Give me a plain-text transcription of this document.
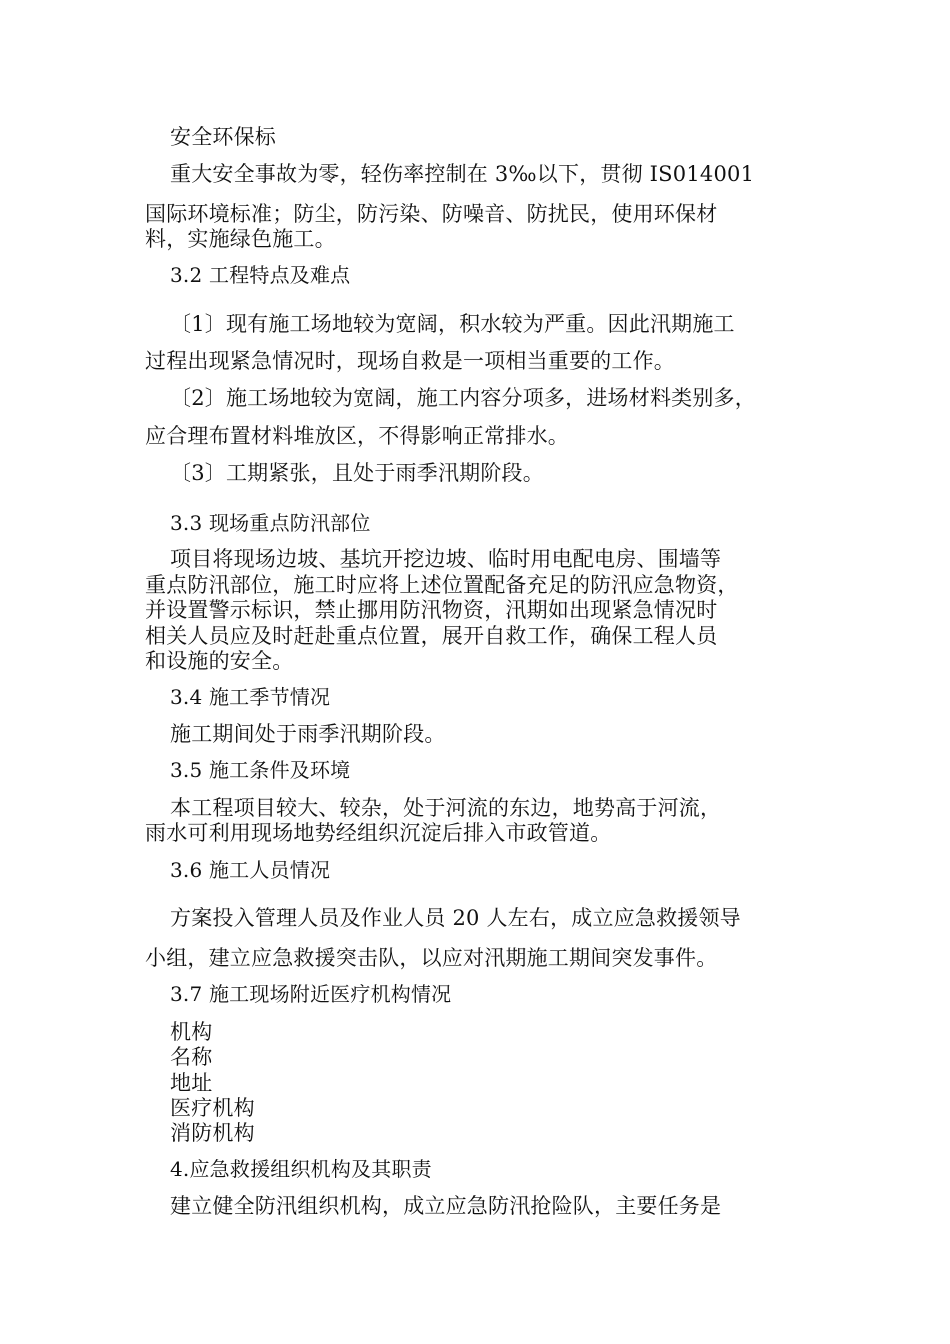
安全环保标
重大安全事故为零，轻伤率控制在 3‰以下，贯彻 IS014001
国际环境标准；防尘，防污染、防噪音、防扰民，使用环保材
料，实施绿色施工。
3.2 工程特点及难点
〔1〕现有施工场地较为宽阔，积水较为严重。因此汛期施工
过程出现紧急情况时，现场自救是一项相当重要的工作。
〔2〕施工场地较为宽阔，施工内容分项多，进场材料类别多，
应合理布置材料堆放区，不得影响正常排水。
〔3〕工期紧张，且处于雨季汛期阶段。
3.3 现场重点防汛部位
项目将现场边坡、基坑开挖边坡、临时用电配电房、围墙等
重点防汛部位，施工时应将上述位置配备充足的防汛应急物资，
并设置警示标识，禁止挪用防汛物资，汛期如出现紧急情况时
相关人员应及时赶赴重点位置，展开自救工作，确保工程人员
和设施的安全。
3.4 施工季节情况
施工期间处于雨季汛期阶段。
3.5 施工条件及环境
本工程项目较大、较杂，处于河流的东边，地势高于河流，
雨水可利用现场地势经组织沉淀后排入市政管道。
3.6 施工人员情况
方案投入管理人员及作业人员 20 人左右，成立应急救援领导
小组，建立应急救援突击队，以应对汛期施工期间突发事件。
3.7 施工现场附近医疗机构情况
机构
名称
地址
医疗机构
消防机构
4.应急救援组织机构及其职责
建立健全防汛组织机构，成立应急防汛抢险队，主要任务是
